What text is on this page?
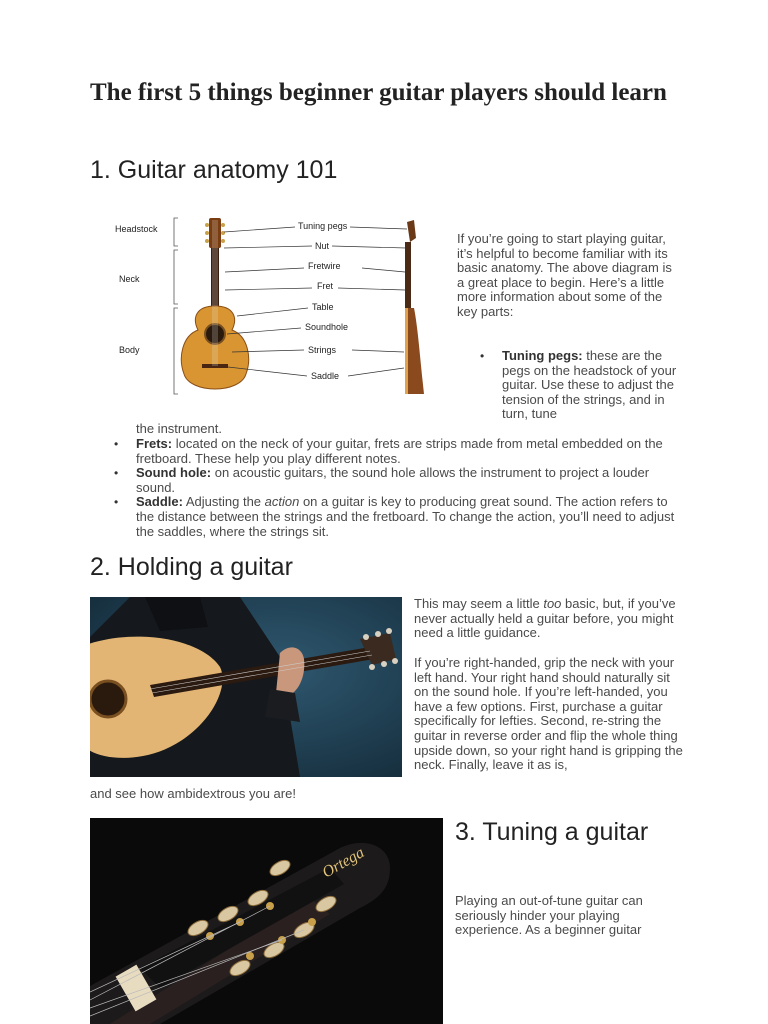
The first 5 things beginner guitar players should learn
1. Guitar anatomy 101
Headstock
Neck
Body
Tuning pegs
Nut
Fretwire
Fret
Table
Soundhole
Strings
Saddle

If you’re going to start playing guitar, it’s helpful to become familiar with its basic anatomy. The above diagram is a great place to begin. Here’s a little more information about some of the key parts:

• Tuning pegs: these are the pegs on the headstock of your guitar. Use these to adjust the tension of the strings, and in turn, tune

the instrument.

• Frets: located on the neck of your guitar, frets are strips made from metal embedded on the fretboard. These help you play different notes.
• Sound hole: on acoustic guitars, the sound hole allows the instrument to project a louder sound.
• Saddle: Adjusting the action on a guitar is key to producing great sound. The action refers to the distance between the strings and the fretboard. To change the action, you’ll need to adjust the saddles, where the strings sit.
2. Holding a guitar

This may seem a little too basic, but, if you’ve never actually held a guitar before, you might need a little guidance.

If you’re right-handed, grip the neck with your left hand. Your right hand should naturally sit on the sound hole. If you’re left-handed, you have a few options. First, purchase a guitar specifically for lefties. Second, re-string the guitar in reverse order and flip the whole thing upside down, so your right hand is gripping the neck. Finally, leave it as is,

and see how ambidextrous you are!

Ortega
3. Tuning a guitar

Playing an out-of-tune guitar can seriously hinder your playing experience. As a beginner guitar
